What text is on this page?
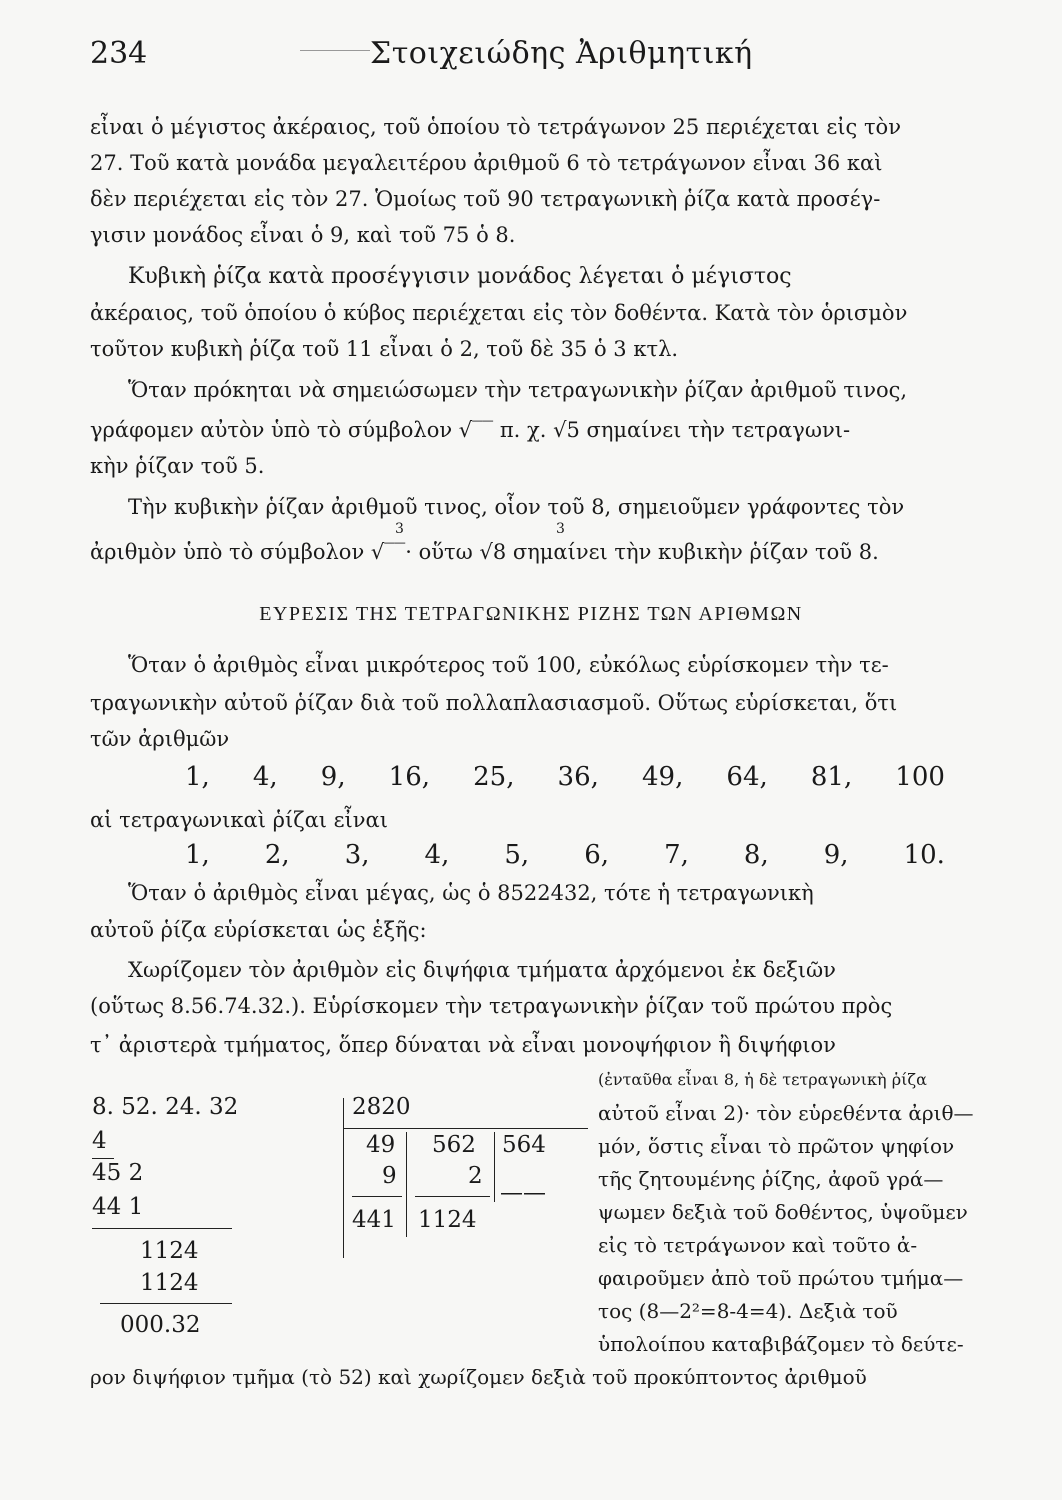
234	Στοιχειώδης Ἀριθμητική
εἶναι ὁ μέγιστος ἀκέραιος, τοῦ ὁποίου τὸ τετράγωνον 25 περιέχεται εἰς τὸν
27. Τοῦ κατὰ μονάδα μεγαλειτέρου ἀριθμοῦ 6 τὸ τετράγωνον εἶναι 36 καὶ
δὲν περιέχεται εἰς τὸν 27. Ὁμοίως τοῦ 90 τετραγωνικὴ ῥίζα κατὰ προσέγ-
γισιν μονάδος εἶναι ὁ 9, καὶ τοῦ 75 ὁ 8.
Κυβικὴ ῥίζα κατὰ προσέγγισιν μονάδος λέγεται ὁ μέγιστος
ἀκέραιος, τοῦ ὁποίου ὁ κύβος περιέχεται εἰς τὸν δοθέντα. Κατὰ τὸν ὁρισμὸν
τοῦτον κυβικὴ ῥίζα τοῦ 11 εἶναι ὁ 2, τοῦ δὲ 35 ὁ 3 κτλ.
Ὅταν πρόκηται νὰ σημειώσωμεν τὴν τετραγωνικὴν ῥίζαν ἀριθμοῦ τινος,
γράφομεν αὐτὸν ὑπὸ τὸ σύμβολον √‾‾ π. χ. √5 σημαίνει τὴν τετραγωνι-
κὴν ῥίζαν τοῦ 5.
Τὴν κυβικὴν ῥίζαν ἀριθμοῦ τινος, οἷον τοῦ 8, σημειοῦμεν γράφοντες τὸν
3	3
ἀριθμὸν ὑπὸ τὸ σύμβολον √‾‾· οὕτω √8 σημαίνει τὴν κυβικὴν ῥίζαν τοῦ 8.
ΕΥΡΕΣΙΣ ΤΗΣ ΤΕΤΡΑΓΩΝΙΚΗΣ ΡΙΖΗΣ ΤΩΝ ΑΡΙΘΜΩΝ
Ὅταν ὁ ἀριθμὸς εἶναι μικρότερος τοῦ 100, εὐκόλως εὑρίσκομεν τὴν τε-
τραγωνικὴν αὐτοῦ ῥίζαν διὰ τοῦ πολλαπλασιασμοῦ. Οὕτως εὑρίσκεται, ὅτι
τῶν ἀριθμῶν
1, 4, 9, 16, 25, 36, 49, 64, 81, 100
αἱ τετραγωνικαὶ ῥίζαι εἶναι
1, 2, 3, 4, 5, 6, 7, 8, 9, 10.
Ὅταν ὁ ἀριθμὸς εἶναι μέγας, ὡς ὁ 8522432, τότε ἡ τετραγωνικὴ
αὐτοῦ ῥίζα εὑρίσκεται ὡς ἑξῆς:
Χωρίζομεν τὸν ἀριθμὸν εἰς διψήφια τμήματα ἀρχόμενοι ἐκ δεξιῶν
(οὕτως 8.56.74.32.). Εὑρίσκομεν τὴν τετραγωνικὴν ῥίζαν τοῦ πρώτου πρὸς
τ᾽ ἀριστερὰ τμήματος, ὅπερ δύναται νὰ εἶναι μονοψήφιον ἢ διψήφιον
8. 52. 24. 32
4
45 2
44 1
1124
1124
000.32
2820
49
9
441
562
2
1124
564
——
(ἐνταῦθα εἶναι 8, ἡ δὲ τετραγωνικὴ ῥίζα
αὐτοῦ εἶναι 2)· τὸν εὑρεθέντα ἀριθ—
μόν, ὅστις εἶναι τὸ πρῶτον ψηφίον
τῆς ζητουμένης ῥίζης, ἀφοῦ γρά—
ψωμεν δεξιὰ τοῦ δοθέντος, ὑψοῦμεν
εἰς τὸ τετράγωνον καὶ τοῦτο ἀ-
φαιροῦμεν ἀπὸ τοῦ πρώτου τμήμα—
τος (8—2²=8-4=4). Δεξιὰ τοῦ
ὑπολοίπου καταβιβάζομεν τὸ δεύτε-
ρον διψήφιον τμῆμα (τὸ 52) καὶ χωρίζομεν δεξιὰ τοῦ προκύπτοντος ἀριθμοῦ
